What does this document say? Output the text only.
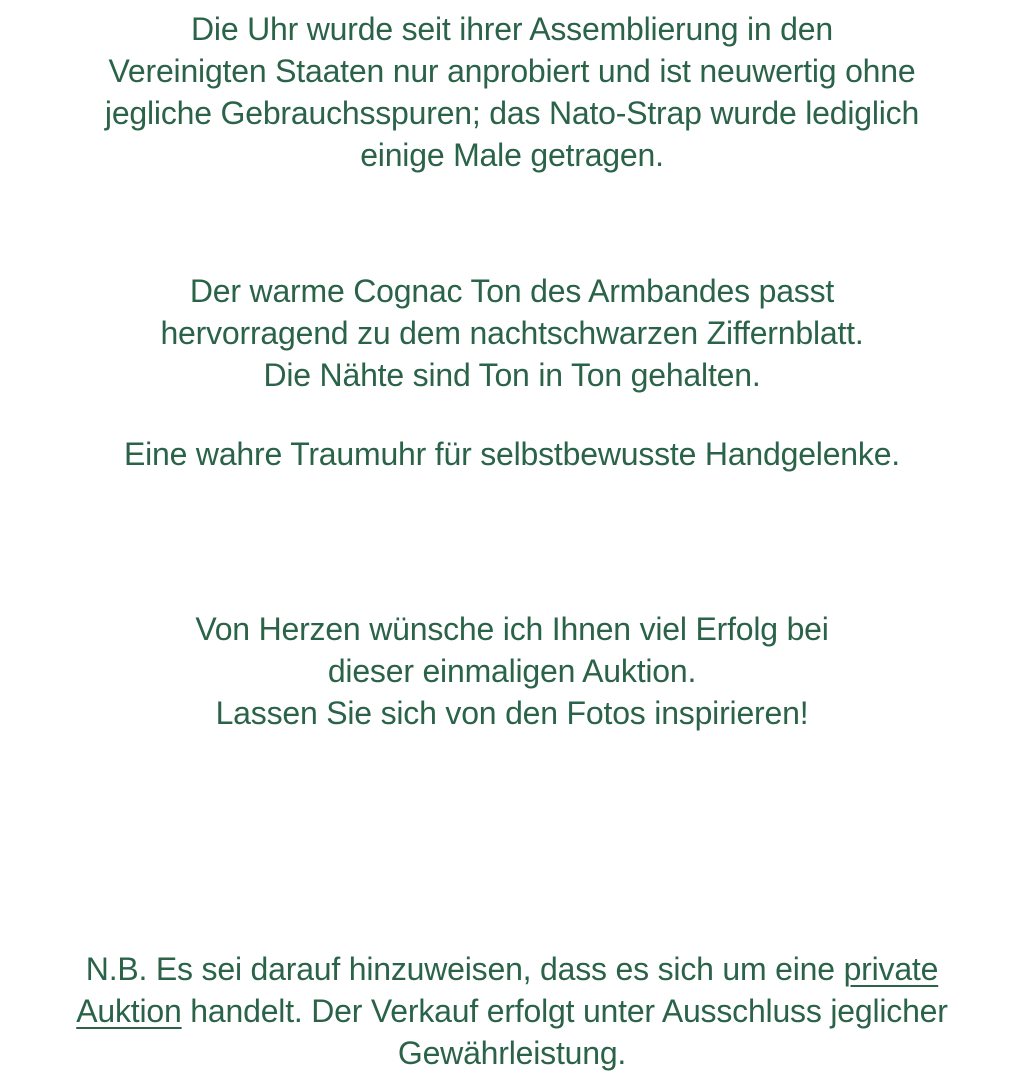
Die Uhr wurde seit ihrer Assemblierung in den
Vereinigten Staaten nur anprobiert und ist neuwertig ohne
jegliche Gebrauchsspuren; das Nato-Strap wurde lediglich
einige Male getragen.

Der warme Cognac Ton des Armbandes passt
hervorragend zu dem nachtschwarzen Ziffernblatt.
Die Nähte sind Ton in Ton gehalten.

Eine wahre Traumuhr für selbstbewusste Handgelenke.

Von Herzen wünsche ich Ihnen viel Erfolg bei
dieser einmaligen Auktion.
Lassen Sie sich von den Fotos inspirieren!

N.B. Es sei darauf hinzuweisen, dass es sich um eine private
Auktion handelt. Der Verkauf erfolgt unter Ausschluss jeglicher
Gewährleistung.
